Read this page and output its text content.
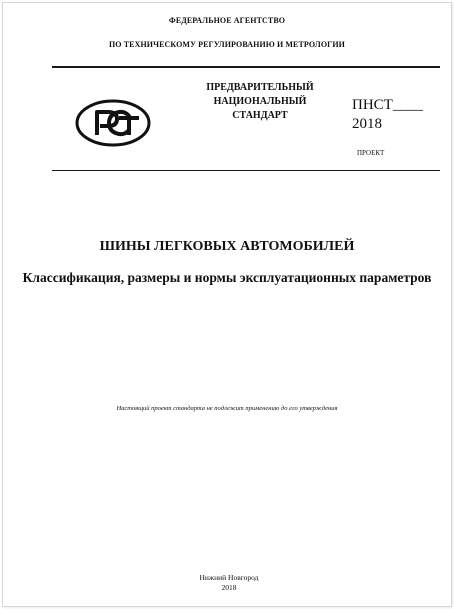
ФЕДЕРАЛЬНОЕ АГЕНТСТВО
ПО ТЕХНИЧЕСКОМУ РЕГУЛИРОВАНИЮ И МЕТРОЛОГИИ
ПРЕДВАРИТЕЛЬНЫЙ
НАЦИОНАЛЬНЫЙ
СТАНДАРТ
ПНСТ____
2018
ПРОЕКТ
ШИНЫ ЛЕГКОВЫХ АВТОМОБИЛЕЙ
Классификация, размеры и нормы эксплуатационных параметров
Настоящий проект стандарта не подлежит применению до его утверждения
Нижний Новгород
2018
